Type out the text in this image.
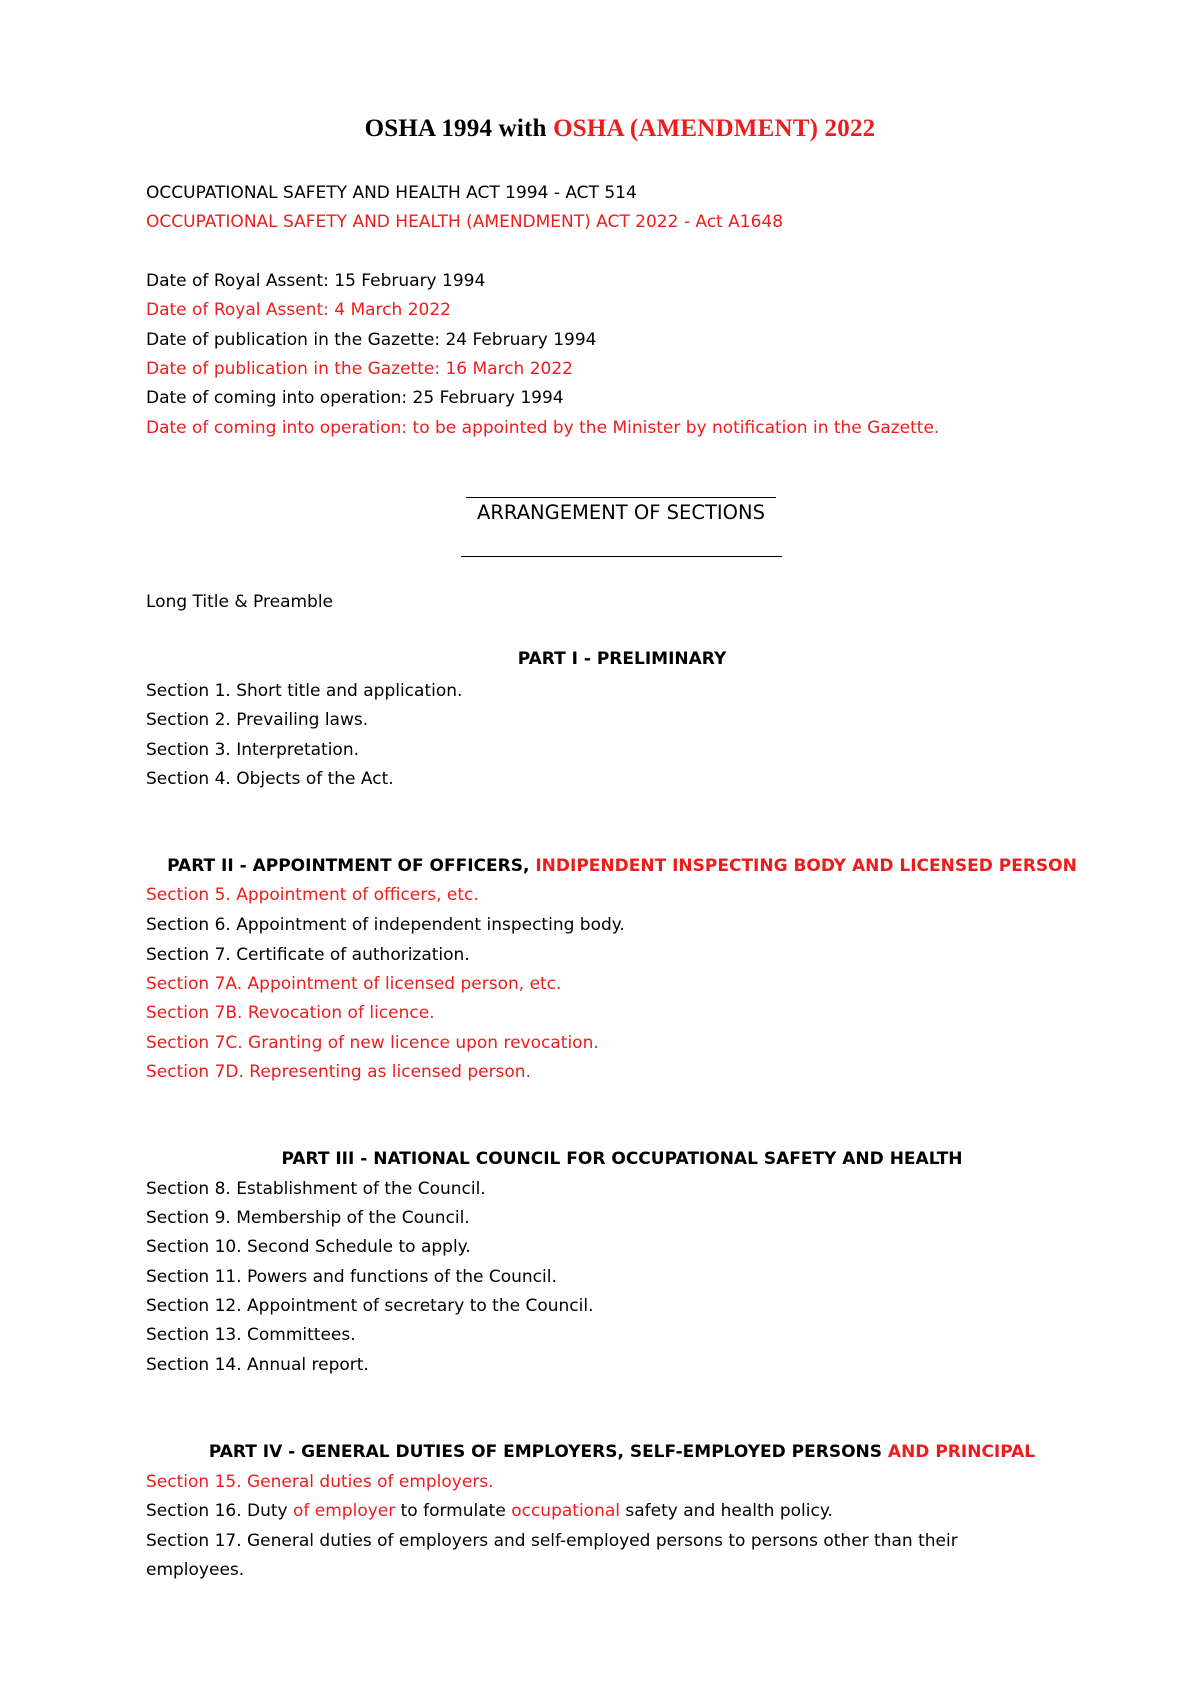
OSHA 1994 with OSHA (AMENDMENT) 2022
OCCUPATIONAL SAFETY AND HEALTH ACT 1994 - ACT 514
OCCUPATIONAL SAFETY AND HEALTH (AMENDMENT) ACT 2022 - Act A1648
Date of Royal Assent: 15 February 1994
Date of Royal Assent: 4 March 2022
Date of publication in the Gazette: 24 February 1994
Date of publication in the Gazette: 16 March 2022
Date of coming into operation: 25 February 1994
Date of coming into operation: to be appointed by the Minister by notification in the Gazette.
ARRANGEMENT OF SECTIONS
Long Title & Preamble
PART I - PRELIMINARY
Section 1. Short title and application.
Section 2. Prevailing laws.
Section 3. Interpretation.
Section 4. Objects of the Act.
PART II - APPOINTMENT OF OFFICERS, INDIPENDENT INSPECTING BODY AND LICENSED PERSON
Section 5. Appointment of officers, etc.
Section 6. Appointment of independent inspecting body.
Section 7. Certificate of authorization.
Section 7A. Appointment of licensed person, etc.
Section 7B. Revocation of licence.
Section 7C. Granting of new licence upon revocation.
Section 7D. Representing as licensed person.
PART III - NATIONAL COUNCIL FOR OCCUPATIONAL SAFETY AND HEALTH
Section 8. Establishment of the Council.
Section 9. Membership of the Council.
Section 10. Second Schedule to apply.
Section 11. Powers and functions of the Council.
Section 12. Appointment of secretary to the Council.
Section 13. Committees.
Section 14. Annual report.
PART IV - GENERAL DUTIES OF EMPLOYERS, SELF-EMPLOYED PERSONS AND PRINCIPAL
Section 15. General duties of employers.
Section 16. Duty of employer to formulate occupational safety and health policy.
Section 17. General duties of employers and self-employed persons to persons other than their
employees.
